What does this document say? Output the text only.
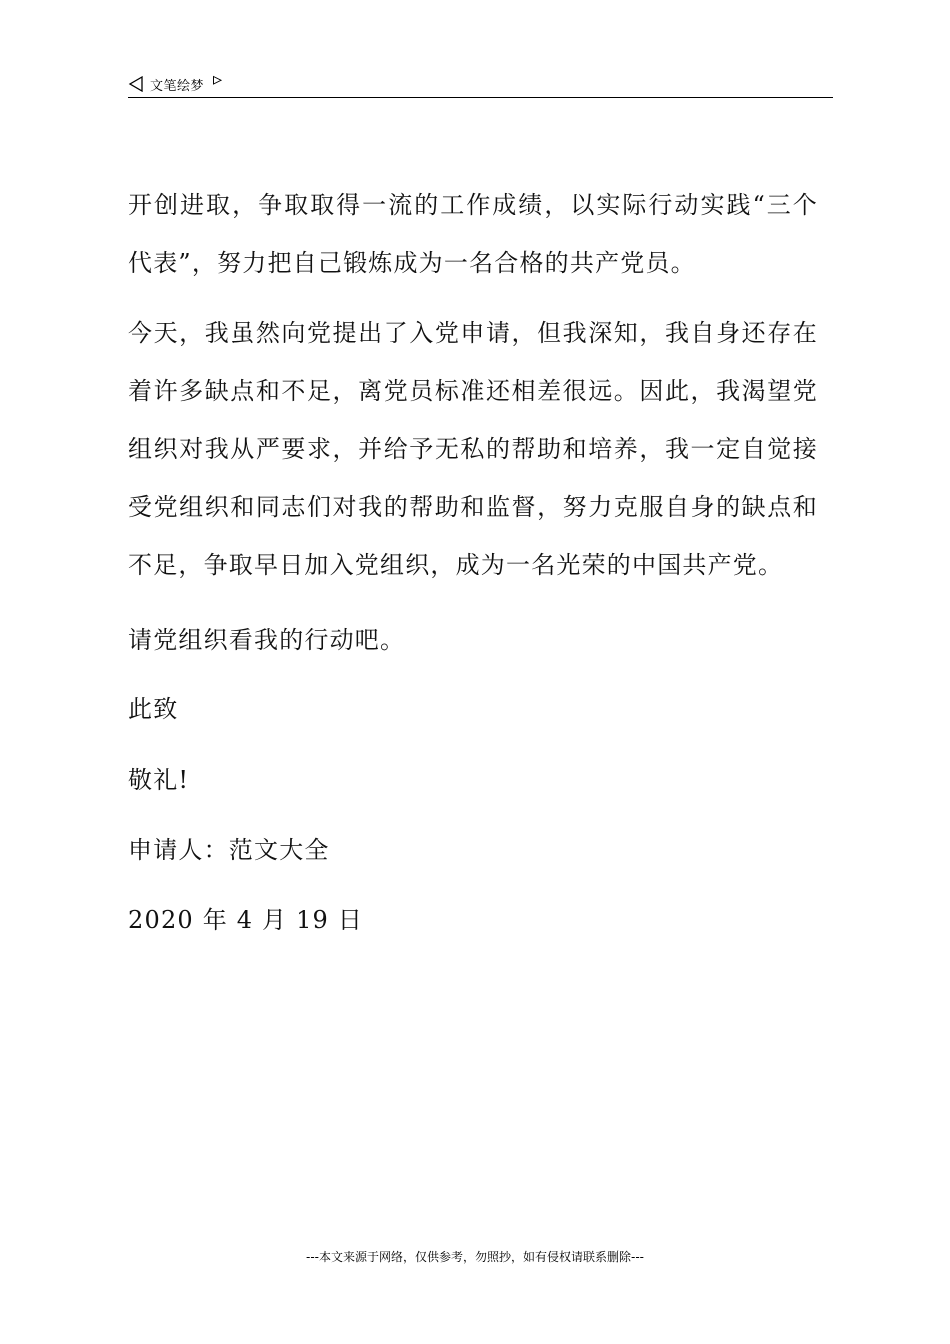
文笔绘梦

开创进取，争取取得一流的工作成绩，以实际行动实践“三个代表”，努力把自己锻炼成为一名合格的共产党员。

今天，我虽然向党提出了入党申请，但我深知，我自身还存在着许多缺点和不足，离党员标准还相差很远。因此，我渴望党组织对我从严要求，并给予无私的帮助和培养，我一定自觉接受党组织和同志们对我的帮助和监督，努力克服自身的缺点和不足，争取早日加入党组织，成为一名光荣的中国共产党。

请党组织看我的行动吧。

此致

敬礼!

申请人：范文大全

2020 年 4 月 19 日

---本文来源于网络，仅供参考，勿照抄，如有侵权请联系删除---
